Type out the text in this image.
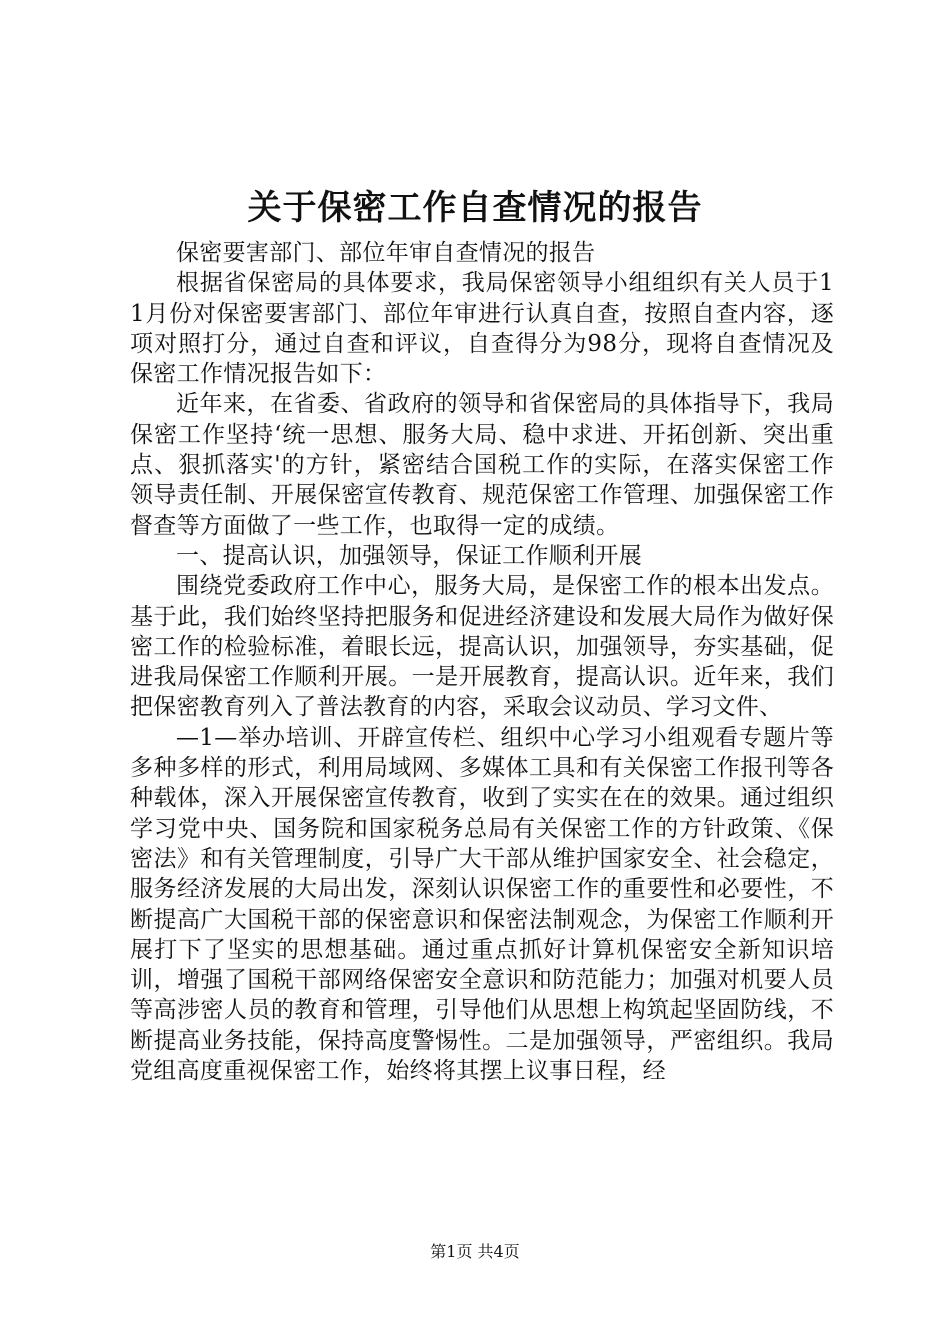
关于保密工作自查情况的报告

保密要害部门、部位年审自查情况的报告

根据省保密局的具体要求，我局保密领导小组组织有关人员于11月份对保密要害部门、部位年审进行认真自查，按照自查内容，逐项对照打分，通过自查和评议，自查得分为98分，现将自查情况及保密工作情况报告如下：

近年来，在省委、省政府的领导和省保密局的具体指导下，我局保密工作坚持‘统一思想、服务大局、稳中求进、开拓创新、突出重点、狠抓落实'的方针，紧密结合国税工作的实际，在落实保密工作领导责任制、开展保密宣传教育、规范保密工作管理、加强保密工作督查等方面做了一些工作，也取得一定的成绩。

一、提高认识，加强领导，保证工作顺利开展

围绕党委政府工作中心，服务大局，是保密工作的根本出发点。基于此，我们始终坚持把服务和促进经济建设和发展大局作为做好保密工作的检验标准，着眼长远，提高认识，加强领导，夯实基础，促进我局保密工作顺利开展。一是开展教育，提高认识。近年来，我们把保密教育列入了普法教育的内容，采取会议动员、学习文件、

—1—举办培训、开辟宣传栏、组织中心学习小组观看专题片等多种多样的形式，利用局域网、多媒体工具和有关保密工作报刊等各种载体，深入开展保密宣传教育，收到了实实在在的效果。通过组织学习党中央、国务院和国家税务总局有关保密工作的方针政策、《保密法》和有关管理制度，引导广大干部从维护国家安全、社会稳定，服务经济发展的大局出发，深刻认识保密工作的重要性和必要性，不断提高广大国税干部的保密意识和保密法制观念，为保密工作顺利开展打下了坚实的思想基础。通过重点抓好计算机保密安全新知识培训，增强了国税干部网络保密安全意识和防范能力；加强对机要人员等高涉密人员的教育和管理，引导他们从思想上构筑起坚固防线，不断提高业务技能，保持高度警惕性。二是加强领导，严密组织。我局党组高度重视保密工作，始终将其摆上议事日程，经

第1页 共4页
